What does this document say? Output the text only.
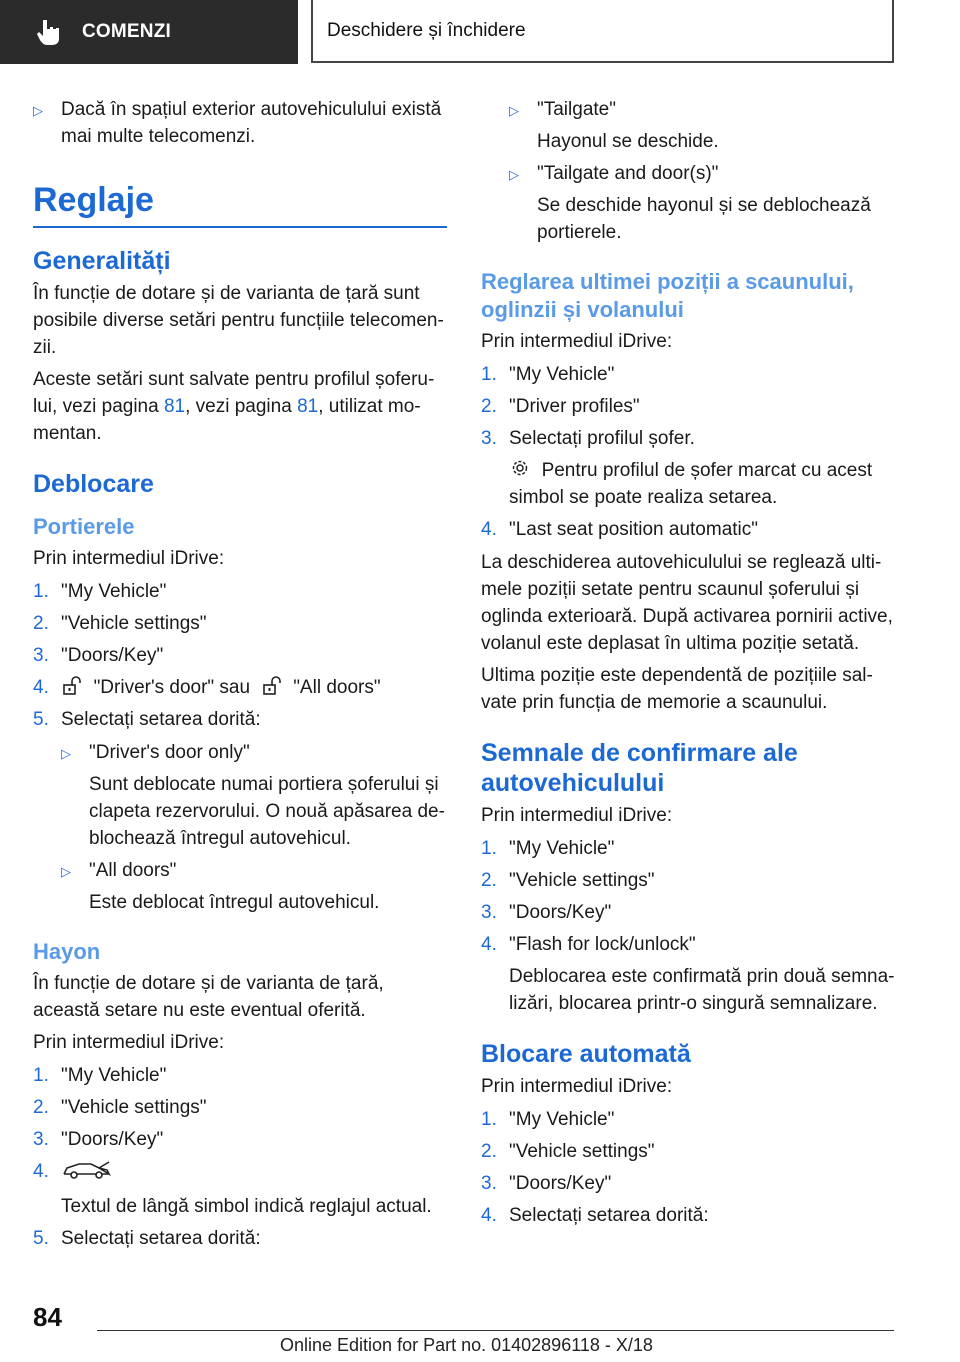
COMENZI	Deschidere și închidere
▷ Dacă în spațiul exterior autovehiculului există mai multe telecomenzi.
Reglaje
Generalități

În funcție de dotare și de varianta de țară sunt posibile diverse setări pentru funcțiile telecomen‐zii.

Aceste setări sunt salvate pentru profilul șoferu‐lui, vezi pagina 81, vezi pagina 81, utilizat mo‐mentan.

Deblocare
Portierele

Prin intermediul iDrive:

1. "My Vehicle"
2. "Vehicle settings"
3. "Doors/Key"
4.	"Driver's door" sau "All doors"
5. Selectați setarea dorită:
▷ "Driver's door only"
Sunt deblocate numai portiera șoferului și clapeta rezervorului. O nouă apăsarea de‐blochează întregul autovehicul.
▷ "All doors"
Este deblocat întregul autovehicul.
Hayon

În funcție de dotare și de varianta de țară, această setare nu este eventual oferită.

Prin intermediul iDrive:

1. "My Vehicle"
2. "Vehicle settings"
3. "Doors/Key"
4.
Textul de lângă simbol indică reglajul actual.
5. Selectați setarea dorită:
▷ "Tailgate"
Hayonul se deschide.
▷ "Tailgate and door(s)"
Se deschide hayonul și se deblochează portierele.
Reglarea ultimei poziții a scaunului, oglinzii și volanului

Prin intermediul iDrive:

1. "My Vehicle"
2. "Driver profiles"
3. Selectați profilul șofer.
Pentru profilul de șofer marcat cu acest simbol se poate realiza setarea.
4. "Last seat position automatic"

La deschiderea autovehiculului se reglează ulti‐mele poziții setate pentru scaunul șoferului și oglinda exterioară. După activarea pornirii active, volanul este deplasat în ultima poziție setată.

Ultima poziție este dependentă de pozițiile sal‐vate prin funcția de memorie a scaunului.

Semnale de confirmare ale autovehiculului

Prin intermediul iDrive:

1. "My Vehicle"
2. "Vehicle settings"
3. "Doors/Key"
4. "Flash for lock/unlock"
Deblocarea este confirmată prin două semna‐lizări, blocarea printr-o singură semnalizare.
Blocare automată

Prin intermediul iDrive:

1. "My Vehicle"
2. "Vehicle settings"
3. "Doors/Key"
4. Selectați setarea dorită:
84
Online Edition for Part no. 01402896118 - X/18
